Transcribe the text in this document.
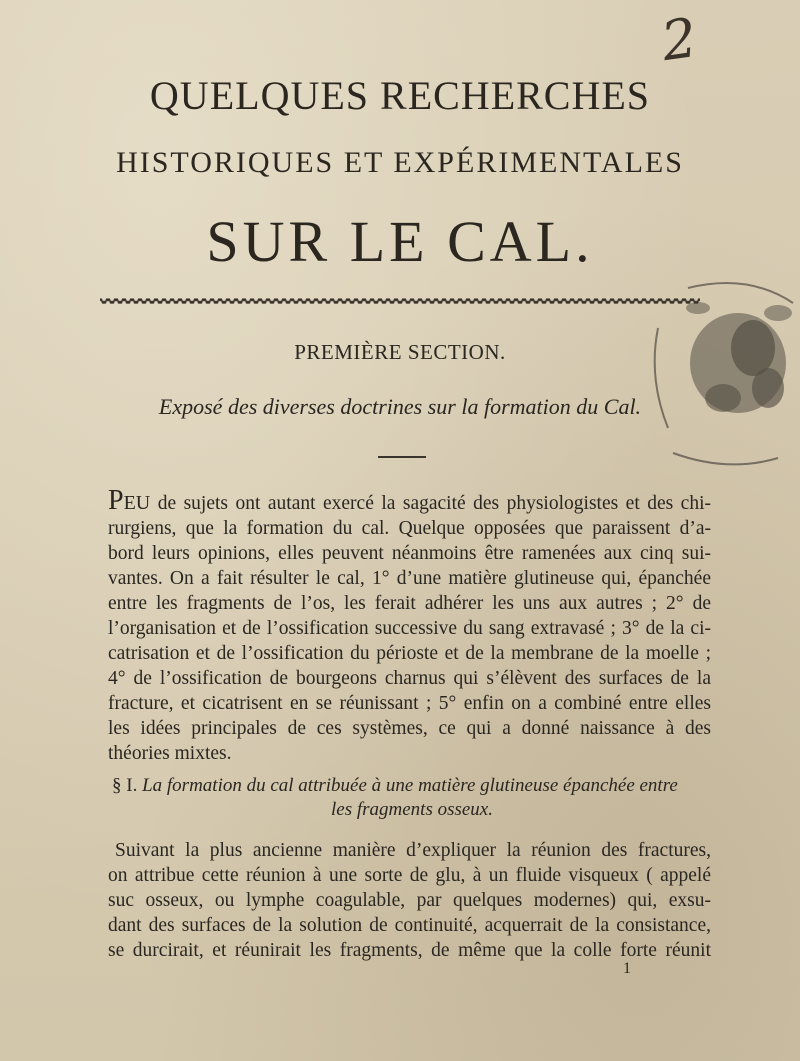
2
QUELQUES RECHERCHES
HISTORIQUES ET EXPÉRIMENTALES
SUR LE CAL.
PREMIÈRE SECTION.
Exposé des diverses doctrines sur la formation du Cal.
Peu de sujets ont autant exercé la sagacité des physiologistes et des chi-
rurgiens, que la formation du cal. Quelque opposées que paraissent d’a-
bord leurs opinions, elles peuvent néanmoins être ramenées aux cinq sui-
vantes. On a fait résulter le cal, 1° d’une matière glutineuse qui, épanchée
entre les fragments de l’os, les ferait adhérer les uns aux autres ; 2° de
l’organisation et de l’ossification successive du sang extravasé ; 3° de la ci-
catrisation et de l’ossification du périoste et de la membrane de la moelle ;
4° de l’ossification de bourgeons charnus qui s’élèvent des surfaces de la
fracture, et cicatrisent en se réunissant ; 5° enfin on a combiné entre elles
les idées principales de ces systèmes, ce qui a donné naissance à des
théories mixtes.
§ I. La formation du cal attribuée à une matière glutineuse épanchée entre
les fragments osseux.
Suivant la plus ancienne manière d’expliquer la réunion des fractures,
on attribue cette réunion à une sorte de glu, à un fluide visqueux ( appelé
suc osseux, ou lymphe coagulable, par quelques modernes) qui, exsu-
dant des surfaces de la solution de continuité, acquerrait de la consistance,
se durcirait, et réunirait les fragments, de même que la colle forte réunit
1
